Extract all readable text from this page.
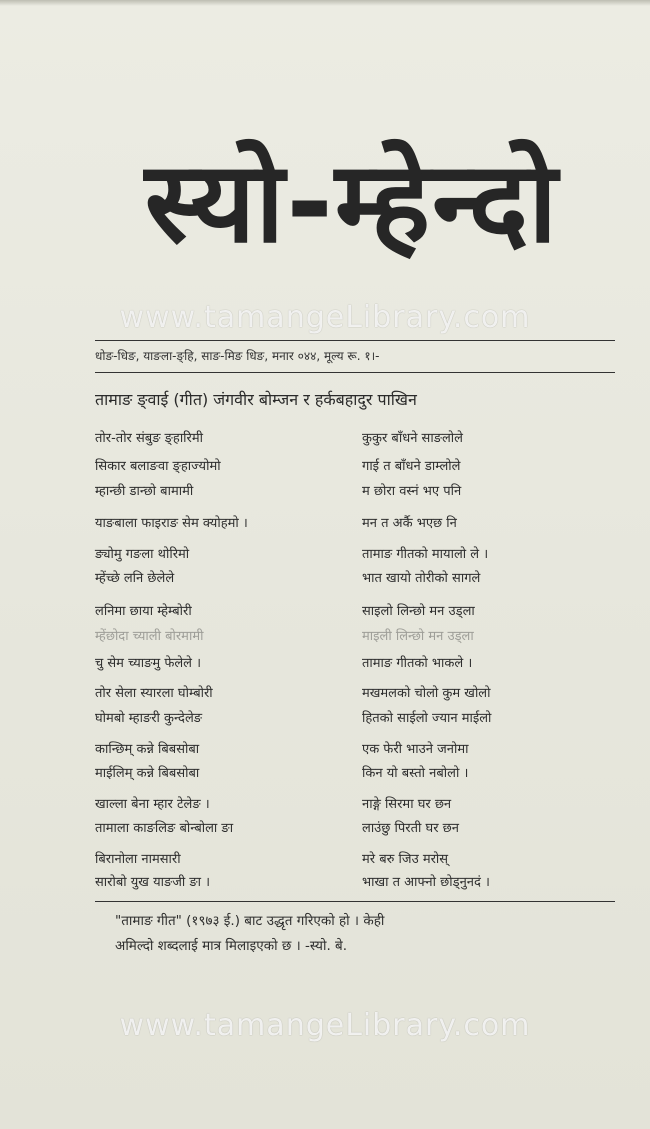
स्यो-म्हेन्दो
www.tamangeLibrary.com
धोङ-धिङ, याङला-ङ्हि, साङ-मिङ धिङ, मनार ०४४, मूल्य रू. १।-
तामाङ ङ्वाई (गीत) जंगवीर बोम्जन र हर्कबहादुर पाखिन
तोर-तोर संबुङ ङ्हारिमी
सिकार बलाङवा ङ्हाज्योमो
म्हान्छी डान्छो बामामी
याङबाला फाइराङ सेम क्योहमो ।
ङ्योमु गङला थोरिमो
म्हेंच्छे लनि छेलेले
लनिमा छाया म्हेम्बोरी
म्हेंछोदा च्याली बोरमामी
चु सेम च्याङमु फेलेले ।
तोर सेला स्यारला घोम्बोरी
घोमबो म्हाङरी कुन्देलेङ
कान्छिम् कन्ने बिबसोबा
माईलिम् कन्ने बिबसोबा
खाल्ला बेना म्हार टेलेङ ।
तामाला काङलिङ बोन्बोला ङा
बिरानोला नामसारी
सारोबो युख याङजी ङा ।
कुकुर बाँधने साङलोले
गाई त बाँधने डाम्लोले
म छोरा वस्नं भए पनि
मन त अर्कै भएछ नि
तामाङ गीतको मायालो ले ।
भात खायो तोरीको सागले
साइलो लिन्छो मन उड्ला
माइली लिन्छो मन उड्ला
तामाङ गीतको भाकले ।
मखमलको चोलो कुम खोलो
हितको साईलो ज्यान माईलो
एक फेरी भाउने जनोमा
किन यो बस्तो नबोलो ।
नाङ्गे सिरमा घर छन
लाउंछु पिरती घर छन
मरे बरु जिउ मरोस्
भाखा त आफ्नो छोड्नुनदं ।
"तामाङ गीत" (१९७३ ई.) बाट उद्धृत गरिएको हो । केही
अमिल्दो शब्दलाई मात्र मिलाइएको छ । -स्यो. बे.
www.tamangeLibrary.com
